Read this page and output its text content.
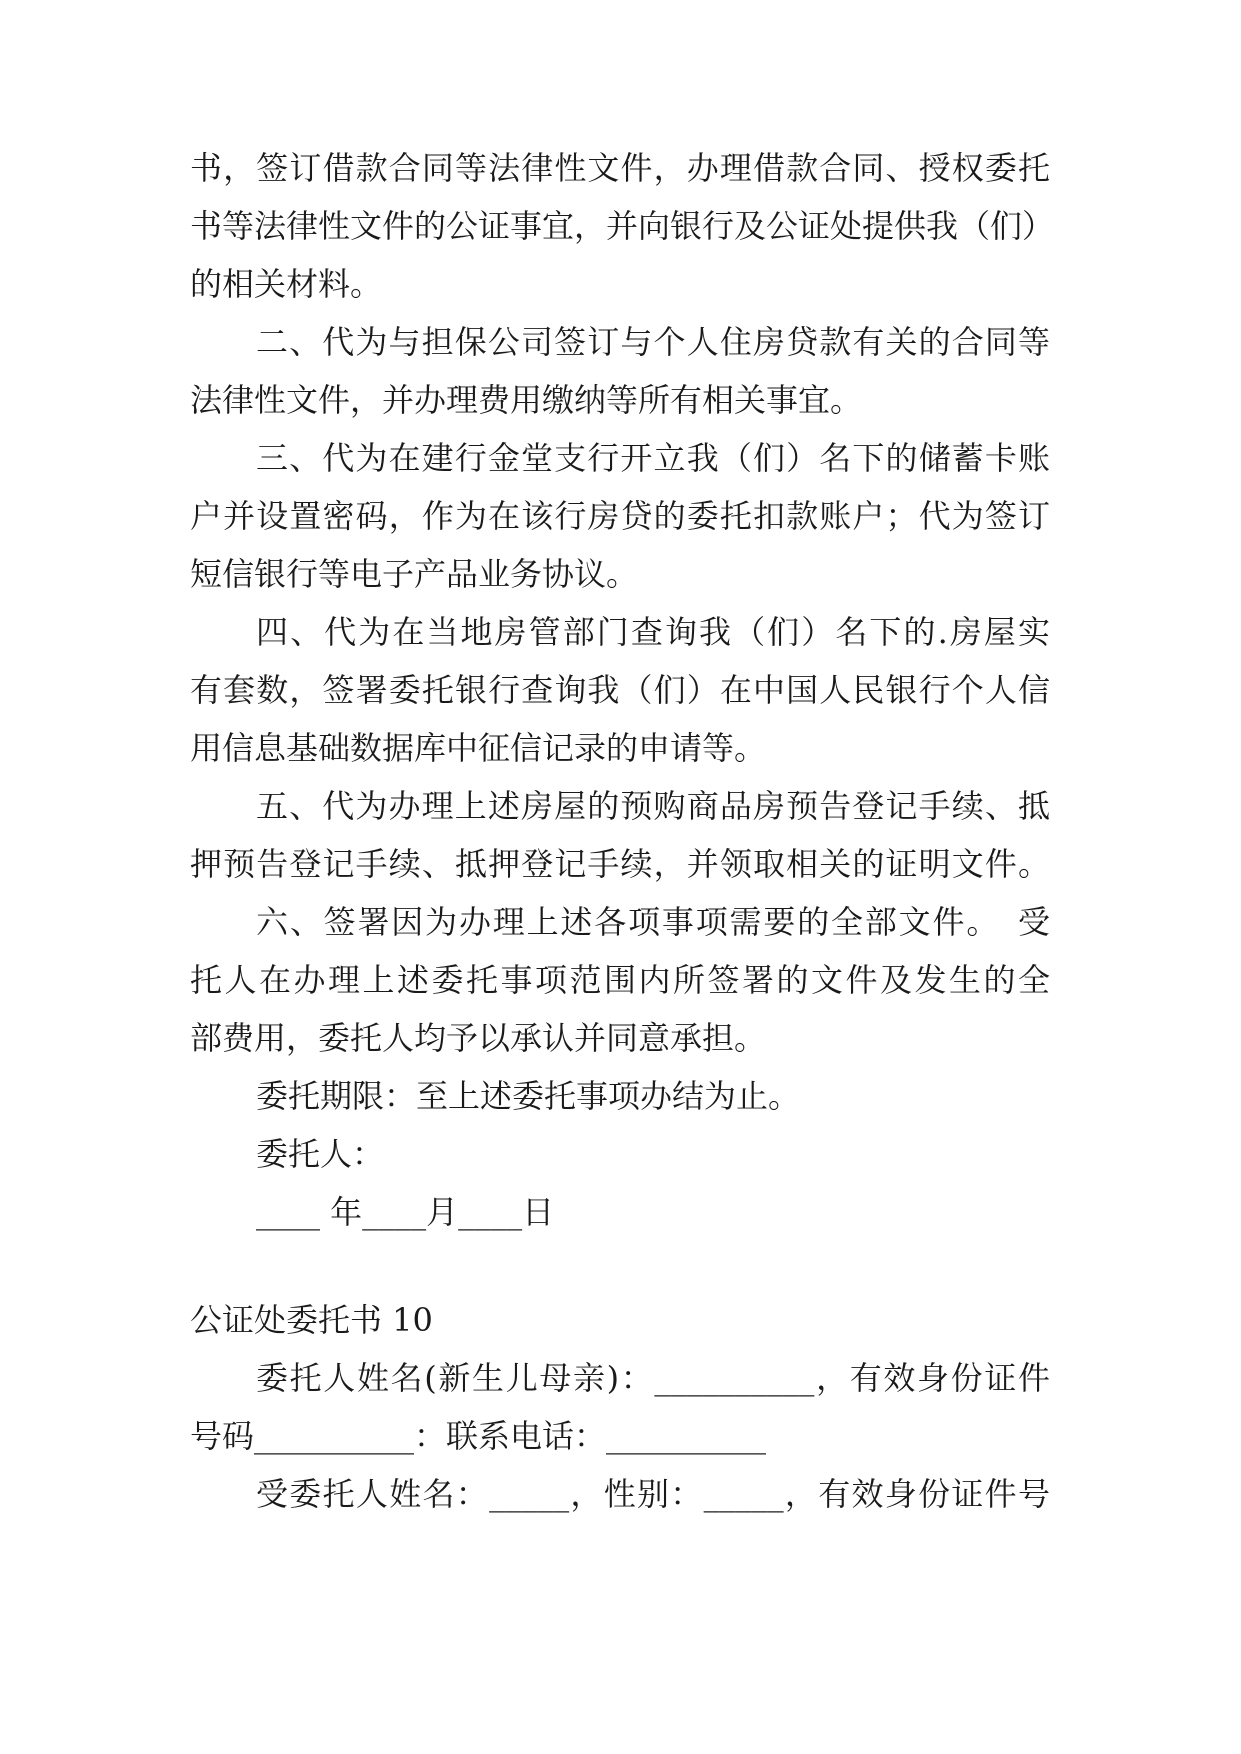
书，签订借款合同等法律性文件，办理借款合同、授权委托
书等法律性文件的公证事宜，并向银行及公证处提供我（们）
的相关材料。
二、代为与担保公司签订与个人住房贷款有关的合同等
法律性文件，并办理费用缴纳等所有相关事宜。
三、代为在建行金堂支行开立我（们）名下的储蓄卡账
户并设置密码，作为在该行房贷的委托扣款账户；代为签订
短信银行等电子产品业务协议。
四、代为在当地房管部门查询我（们）名下的.房屋实
有套数，签署委托银行查询我（们）在中国人民银行个人信
用信息基础数据库中征信记录的申请等。
五、代为办理上述房屋的预购商品房预告登记手续、抵
押预告登记手续、抵押登记手续，并领取相关的证明文件。
六、签署因为办理上述各项事项需要的全部文件。　受
托人在办理上述委托事项范围内所签署的文件及发生的全
部费用，委托人均予以承认并同意承担。
委托期限：至上述委托事项办结为止。
委托人：
____ 年____月____日
公证处委托书 10
委托人姓名(新生儿母亲)：__________，有效身份证件
号码__________：联系电话：__________
受委托人姓名：_____，性别：_____，有效身份证件号
